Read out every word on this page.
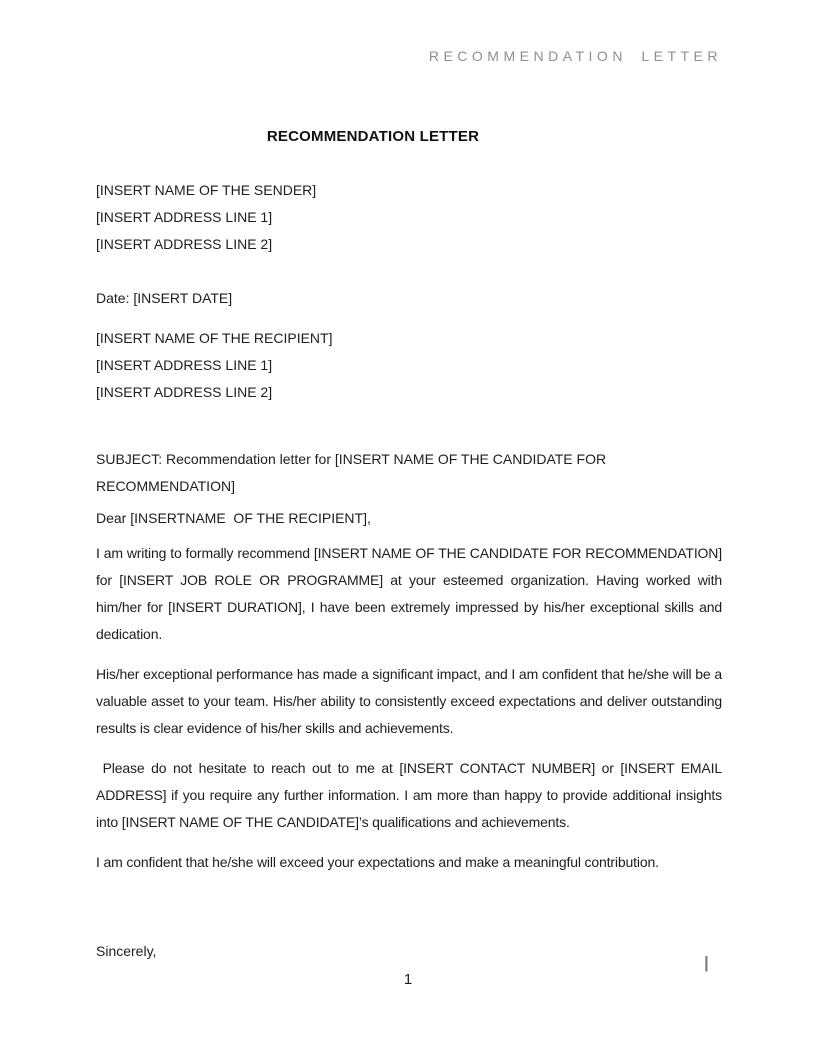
RECOMMENDATION LETTER
RECOMMENDATION LETTER
[INSERT NAME OF THE SENDER]
[INSERT ADDRESS LINE 1]
[INSERT ADDRESS LINE 2]
Date: [INSERT DATE]
[INSERT NAME OF THE RECIPIENT]
[INSERT ADDRESS LINE 1]
[INSERT ADDRESS LINE 2]
SUBJECT: Recommendation letter for [INSERT NAME OF THE CANDIDATE FOR RECOMMENDATION]
Dear [INSERTNAME  OF THE RECIPIENT],

I am writing to formally recommend [INSERT NAME OF THE CANDIDATE FOR RECOMMENDATION] for [INSERT JOB ROLE OR PROGRAMME] at your esteemed organization. Having worked with him/her for [INSERT DURATION], I have been extremely impressed by his/her exceptional skills and dedication.

His/her exceptional performance has made a significant impact, and I am confident that he/she will be a valuable asset to your team. His/her ability to consistently exceed expectations and deliver outstanding results is clear evidence of his/her skills and achievements.

Please do not hesitate to reach out to me at [INSERT CONTACT NUMBER] or [INSERT EMAIL ADDRESS] if you require any further information. I am more than happy to provide additional insights into [INSERT NAME OF THE CANDIDATE]’s qualifications and achievements.

I am confident that he/she will exceed your expectations and make a meaningful contribution.

Sincerely,
|
1
